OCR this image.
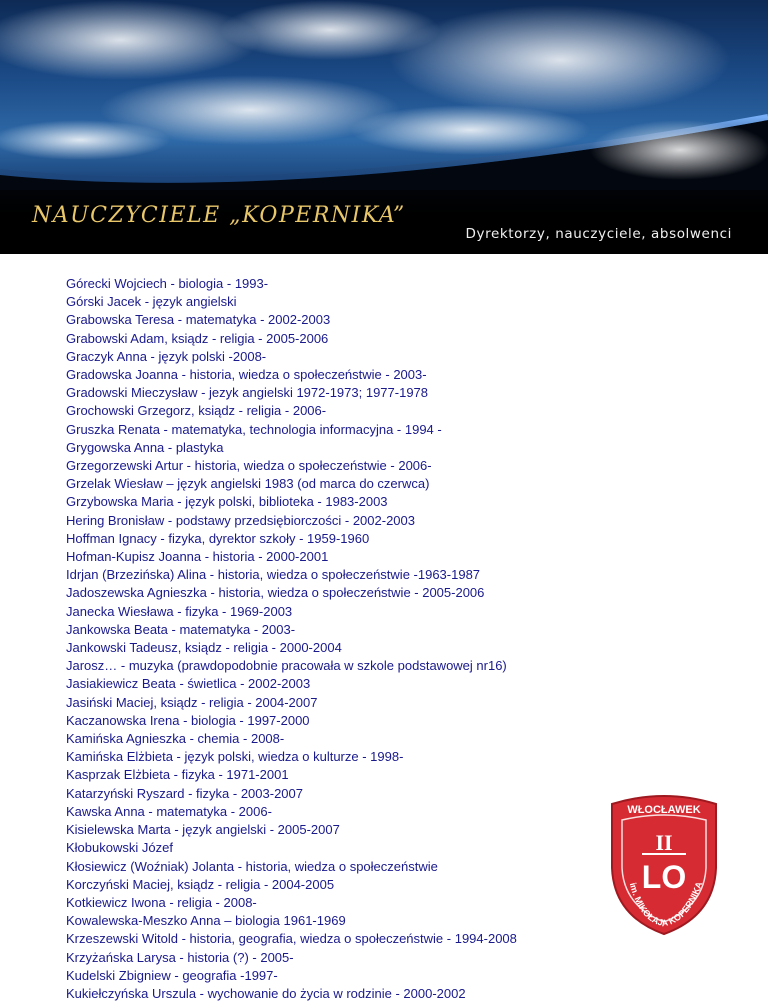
NAUCZYCIELE „KOPERNIKA”
Dyrektorzy, nauczyciele, absolwenci
Górecki Wojciech - biologia - 1993-
Górski Jacek - język angielski
Grabowska Teresa - matematyka - 2002-2003
Grabowski Adam, ksiądz - religia - 2005-2006
Graczyk Anna - język polski -2008-
Gradowska Joanna - historia, wiedza o społeczeństwie - 2003-
Gradowski Mieczysław - jezyk angielski 1972-1973; 1977-1978
Grochowski Grzegorz, ksiądz - religia - 2006-
Gruszka Renata - matematyka, technologia informacyjna - 1994 -
Grygowska Anna - plastyka
Grzegorzewski Artur - historia, wiedza o społeczeństwie - 2006-
Grzelak Wiesław – język angielski 1983 (od marca do czerwca)
Grzybowska Maria - język polski, biblioteka - 1983-2003
Hering Bronisław - podstawy przedsiębiorczości - 2002-2003
Hoffman Ignacy - fizyka, dyrektor szkoły - 1959-1960
Hofman-Kupisz Joanna - historia - 2000-2001
Idrjan (Brzezińska) Alina - historia, wiedza o społeczeństwie -1963-1987
Jadoszewska Agnieszka - historia, wiedza o społeczeństwie - 2005-2006
Janecka Wiesława - fizyka - 1969-2003
Jankowska Beata - matematyka - 2003-
Jankowski Tadeusz, ksiądz - religia - 2000-2004
Jarosz… - muzyka (prawdopodobnie pracowała w szkole podstawowej nr16)
Jasiakiewicz Beata - świetlica - 2002-2003
Jasiński Maciej, ksiądz - religia - 2004-2007
Kaczanowska Irena - biologia - 1997-2000
Kamińska Agnieszka - chemia - 2008-
Kamińska Elżbieta - język polski, wiedza o kulturze - 1998-
Kasprzak Elżbieta - fizyka - 1971-2001
Katarzyński Ryszard - fizyka - 2003-2007
Kawska Anna - matematyka - 2006-
Kisielewska Marta - język angielski - 2005-2007
Kłobukowski Józef
Kłosiewicz (Woźniak) Jolanta - historia, wiedza o społeczeństwie
Korczyński Maciej, ksiądz - religia - 2004-2005
Kotkiewicz Iwona - religia - 2008-
Kowalewska-Meszko Anna – biologia 1961-1969
Krzeszewski Witold - historia, geografia, wiedza o społeczeństwie - 1994-2008
Krzyżańska Larysa - historia (?) - 2005-
Kudelski Zbigniew - geografia -1997-
Kukiełczyńska Urszula - wychowanie do życia w rodzinie - 2000-2002
WŁOCŁAWEK
II
LO
im. MIKOŁAJA KOPERNIKA
